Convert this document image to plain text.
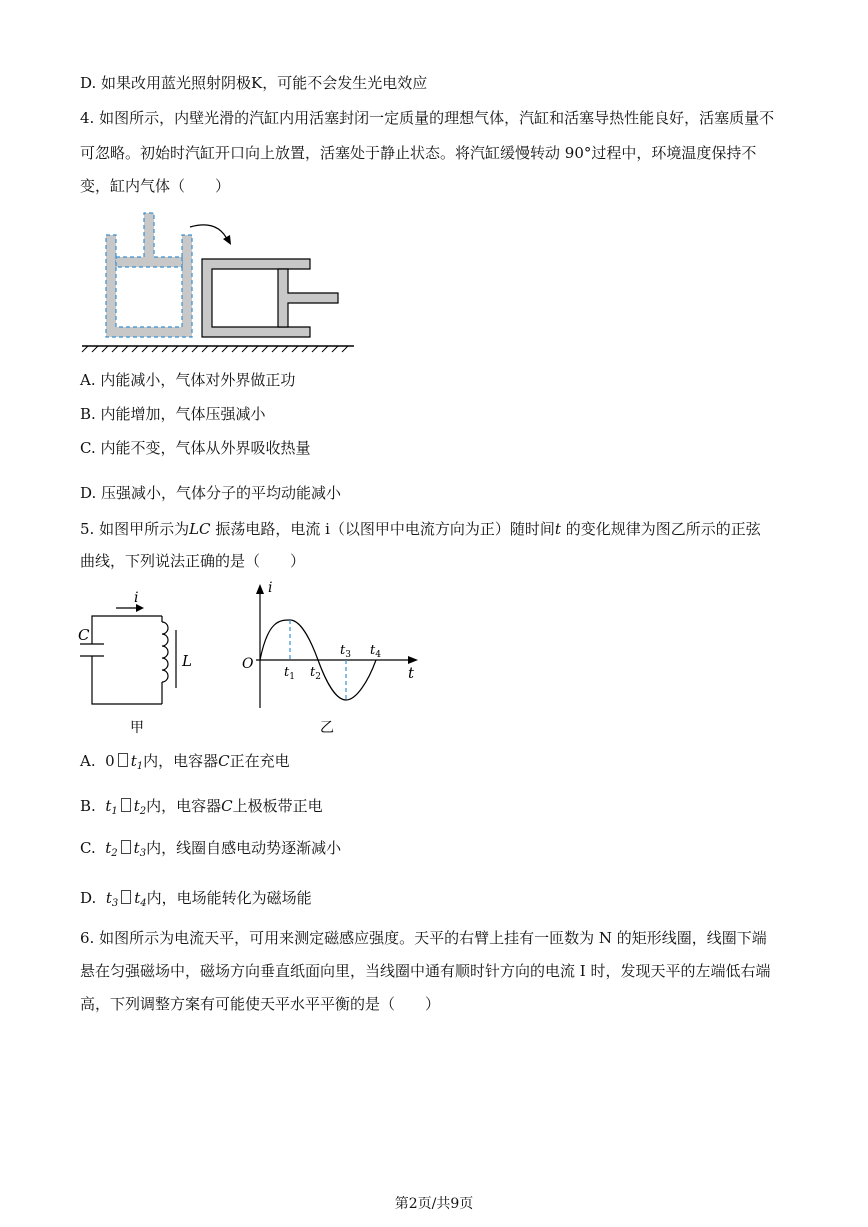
D. 如果改用蓝光照射阴极K，可能不会发生光电效应
4. 如图所示，内壁光滑的汽缸内用活塞封闭一定质量的理想气体，汽缸和活塞导热性能良好，活塞质量不
可忽略。初始时汽缸开口向上放置，活塞处于静止状态。将汽缸缓慢转动 90°过程中，环境温度保持不
变，缸内气体（　　）
A. 内能减小，气体对外界做正功
B. 内能增加，气体压强减小
C. 内能不变，气体从外界吸收热量
D. 压强减小，气体分子的平均动能减小
5. 如图甲所示为LC 振荡电路，电流 i（以图甲中电流方向为正）随时间t 的变化规律为图乙所示的正弦
曲线，下列说法正确的是（　　）
i
C
L
甲
i
t
O
$t_1$ $t_2$
$t_3$ $t_4$
乙
A. 0 $t_1$内，电容器C正在充电
B. $t_1$ $t_2$内，电容器C上极板带正电
C. $t_2$ $t_3$内，线圈自感电动势逐渐减小
D. $t_3$ $t_4$内，电场能转化为磁场能
6. 如图所示为电流天平，可用来测定磁感应强度。天平的右臂上挂有一匝数为 N 的矩形线圈，线圈下端
悬在匀强磁场中，磁场方向垂直纸面向里，当线圈中通有顺时针方向的电流 I 时，发现天平的左端低右端
高，下列调整方案有可能使天平水平平衡的是（　　）
第2页/共9页
